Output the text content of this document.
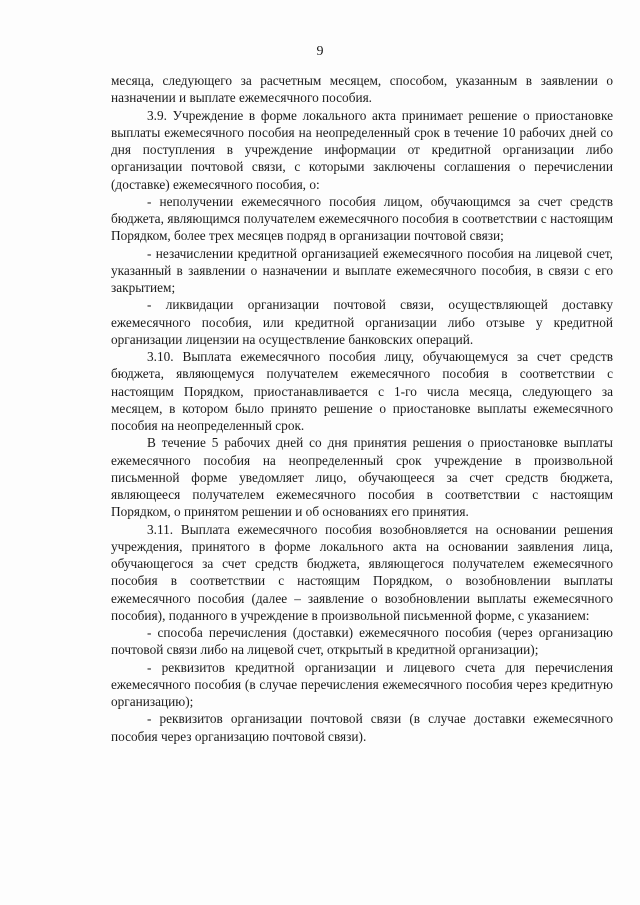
9

месяца, следующего за расчетным месяцем, способом, указанным в заявлении о назначении и выплате ежемесячного пособия.

3.9. Учреждение в форме локального акта принимает решение о приостановке выплаты ежемесячного пособия на неопределенный срок в течение 10 рабочих дней со дня поступления в учреждение информации от кредитной организации либо организации почтовой связи, с которыми заключены соглашения о перечислении (доставке) ежемесячного пособия, о:

- неполучении ежемесячного пособия лицом, обучающимся за счет средств бюджета, являющимся получателем ежемесячного пособия в соответствии с настоящим Порядком, более трех месяцев подряд в организации почтовой связи;

- незачислении кредитной организацией ежемесячного пособия на лицевой счет, указанный в заявлении о назначении и выплате ежемесячного пособия, в связи с его закрытием;

- ликвидации организации почтовой связи, осуществляющей доставку ежемесячного пособия, или кредитной организации либо отзыве у кредитной организации лицензии на осуществление банковских операций.

3.10. Выплата ежемесячного пособия лицу, обучающемуся за счет средств бюджета, являющемуся получателем ежемесячного пособия в соответствии с настоящим Порядком, приостанавливается с 1-го числа месяца, следующего за месяцем, в котором было принято решение о приостановке выплаты ежемесячного пособия на неопределенный срок.

В течение 5 рабочих дней со дня принятия решения о приостановке выплаты ежемесячного пособия на неопределенный срок учреждение в произвольной письменной форме уведомляет лицо, обучающееся за счет средств бюджета, являющееся получателем ежемесячного пособия в соответствии с настоящим Порядком, о принятом решении и об основаниях его принятия.

3.11. Выплата ежемесячного пособия возобновляется на основании решения учреждения, принятого в форме локального акта на основании заявления лица, обучающегося за счет средств бюджета, являющегося получателем ежемесячного пособия в соответствии с настоящим Порядком, о возобновлении выплаты ежемесячного пособия (далее – заявление о возобновлении выплаты ежемесячного пособия), поданного в учреждение в произвольной письменной форме, с указанием:

- способа перечисления (доставки) ежемесячного пособия (через организацию почтовой связи либо на лицевой счет, открытый в кредитной организации);

- реквизитов кредитной организации и лицевого счета для перечисления ежемесячного пособия (в случае перечисления ежемесячного пособия через кредитную организацию);

- реквизитов организации почтовой связи (в случае доставки ежемесячного пособия через организацию почтовой связи).
